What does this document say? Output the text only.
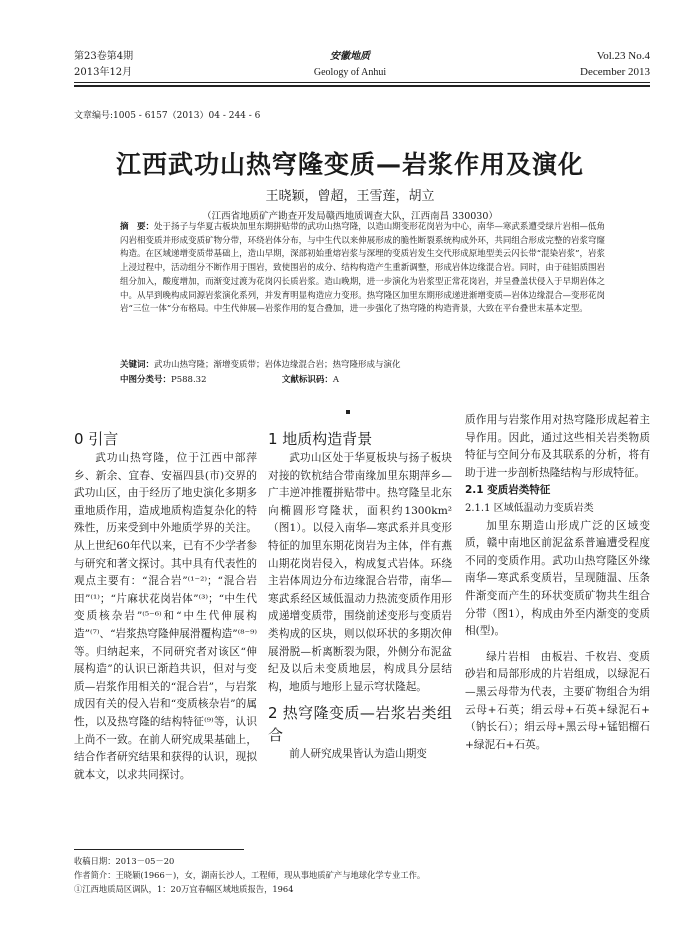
第23卷第4期
2013年12月
安徽地质
Geology of Anhui
Vol.23 No.4
December 2013
文章编号:1005 - 6157（2013）04 - 244 - 6
江西武功山热穹隆变质—岩浆作用及演化
王晓颖，曾超，王雪莲，胡立
（江西省地质矿产勘查开发局赣西地质调查大队，江西南昌 330030）
摘　要：处于扬子与华夏古板块加里东期拼贴带的武功山热穹隆，以造山期变形花岗岩为中心，南华—寒武系遭受绿片岩相—低角闪岩相变质并形成变质矿物分带，环绕岩体分布，与中生代以来伸展形成的脆性断裂系统构成外环，共同组合形成完整的岩浆穹窿构造。在区域递增变质带基础上，造山早期，深部初始重熔岩浆与深埋的变质岩发生交代形成原地型美云闪长带“混染岩浆”，岩浆上浸过程中，活动组分不断作用于围岩，致使围岩的成分、结构构造产生重新调整，形成岩体边缘混合岩。同时，由于硅铝质围岩组分加入，酸度增加，而渐变过渡为花岗闪长质岩浆。造山晚期，进一步演化为岩浆型正常花岗岩，并呈叠盖状侵入于早期岩体之中。从早到晚构成同源岩浆演化系列，并发育明显构造应力变形。热穹隆区加里东期形成递进渐增变质—岩体边缘混合—变形花岗岩“三位一体”分布格局。中生代伸展—岩浆作用的复合叠加，进一步强化了热穹隆的构造背景，大致在平台叠世末基本定型。
关键词：武功山热穹隆；渐增变质带；岩体边缘混合岩；热穹隆形成与演化
中图分类号：P588.32	文献标识码：A

0 引言

武功山热穹隆，位于江西中部萍乡、新余、宜春、安福四县(市)交界的武功山区，由于经历了地史演化多期多重地质作用，造成地质构造复杂化的特殊性，历来受到中外地质学界的关注。从上世纪60年代以来，已有不少学者参与研究和著文探讨。其中具有代表性的观点主要有：“混合岩”⁽¹⁻²⁾；“混合岩田”⁽¹⁾；“片麻状花岗岩体”⁽³⁾；“中生代变质核杂岩”⁽⁵⁻⁶⁾和“中生代伸展构造”⁽⁷⁾、“岩浆热穹隆伸展滑覆构造”⁽⁸⁻⁹⁾等。归纳起来，不同研究者对该区“伸展构造”的认识已渐趋共识，但对与变质—岩浆作用相关的“混合岩”，与岩浆成因有关的侵入岩和“变质核杂岩”的属性，以及热穹隆的结构特征⁽⁹⁾等，认识上尚不一致。在前人研究成果基础上，结合作者研究结果和获得的认识，现拟就本文，以求共同探讨。

1 地质构造背景

武功山区处于华夏板块与扬子板块对接的钦杭结合带南缘加里东期萍乡—广丰逆冲推覆拼贴带中。热穹隆呈北东向椭圆形穹隆状，面积约1300km²（图1）。以侵入南华—寒武系并具变形特征的加里东期花岗岩为主体，伴有燕山期花岗岩侵入，构成复式岩体。环绕主岩体周边分布边缘混合岩带，南华—寒武系经区域低温动力热流变质作用形成递增变质带，围绕前述变形与变质岩类构成的区块，则以似环状的多期次伸展滑脱—析离断裂为限，外侧分布泥盆纪及以后未变质地层，构成具分层结构，地质与地形上显示穹状隆起。

2 热穹隆变质—岩浆岩类组合

前人研究成果皆认为造山期变

质作用与岩浆作用对热穹隆形成起着主导作用。因此，通过这些相关岩类物质特征与空间分布及其联系的分析，将有助于进一步剖析热隆结构与形成特征。

2.1 变质岩类特征

2.1.1 区域低温动力变质岩类

加里东期造山形成广泛的区域变质，赣中南地区前泥盆系普遍遭受程度不同的变质作用。武功山热穹隆区外缘南华—寒武系变质岩，呈现随温、压条件渐变而产生的环状变质矿物共生组合分带（图1），构成由外至内渐变的变质相(型)。

绿片岩相　由板岩、千枚岩、变质砂岩和局部形成的片岩组成，以绿泥石—黑云母带为代表，主要矿物组合为绢云母+石英；绢云母+石英+绿泥石+（钠长石）；绢云母+黑云母+锰铝榴石+绿泥石+石英。

收稿日期：2013－05－20
作者简介：王晓颖(1966－)，女，湖南长沙人，工程师，现从事地质矿产与地球化学专业工作。
①江西地质局区调队，1：20万宜春幅区域地质报告，1964
